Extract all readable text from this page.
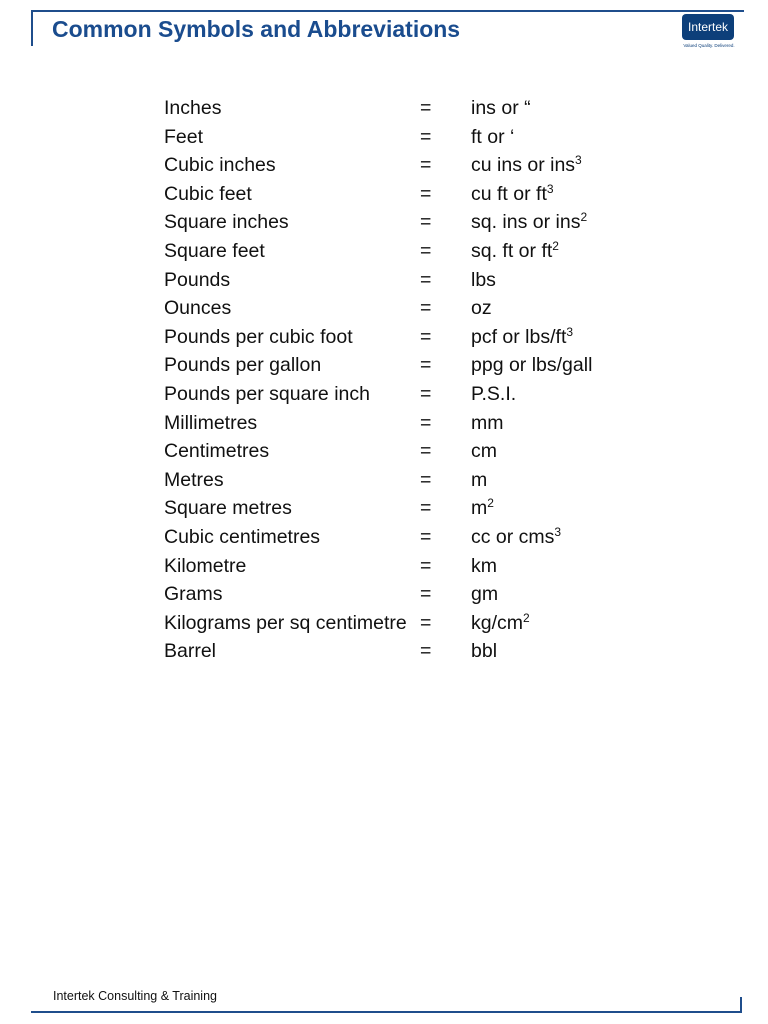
Common Symbols and Abbreviations	Intertek
Valued Quality. Delivered.
Inches	= ins or “
Feet	= ft or ‘
Cubic inches	= cu ins or ins$^3$
Cubic feet	= cu ft or $ft^3$
Square inches	= sq. ins or ins$^2$
Square feet	= sq. ft or $ft^2$
Pounds	= lbs
Ounces	= oz
Pounds per cubic foot	= pcf or lbs/$ft^3$
Pounds per gallon	= ppg or lbs/gall
Pounds per square inch	= P.S.I.
Millimetres	= mm
Centimetres	= cm
Metres	= m
Square metres	= $m^2$
Cubic centimetres	= cc or cms$^3$
Kilometre	= km
Grams	= gm
Kilograms per sq centimetre = $kg/cm^2$
Barrel	= bbl
Intertek Consulting & Training
